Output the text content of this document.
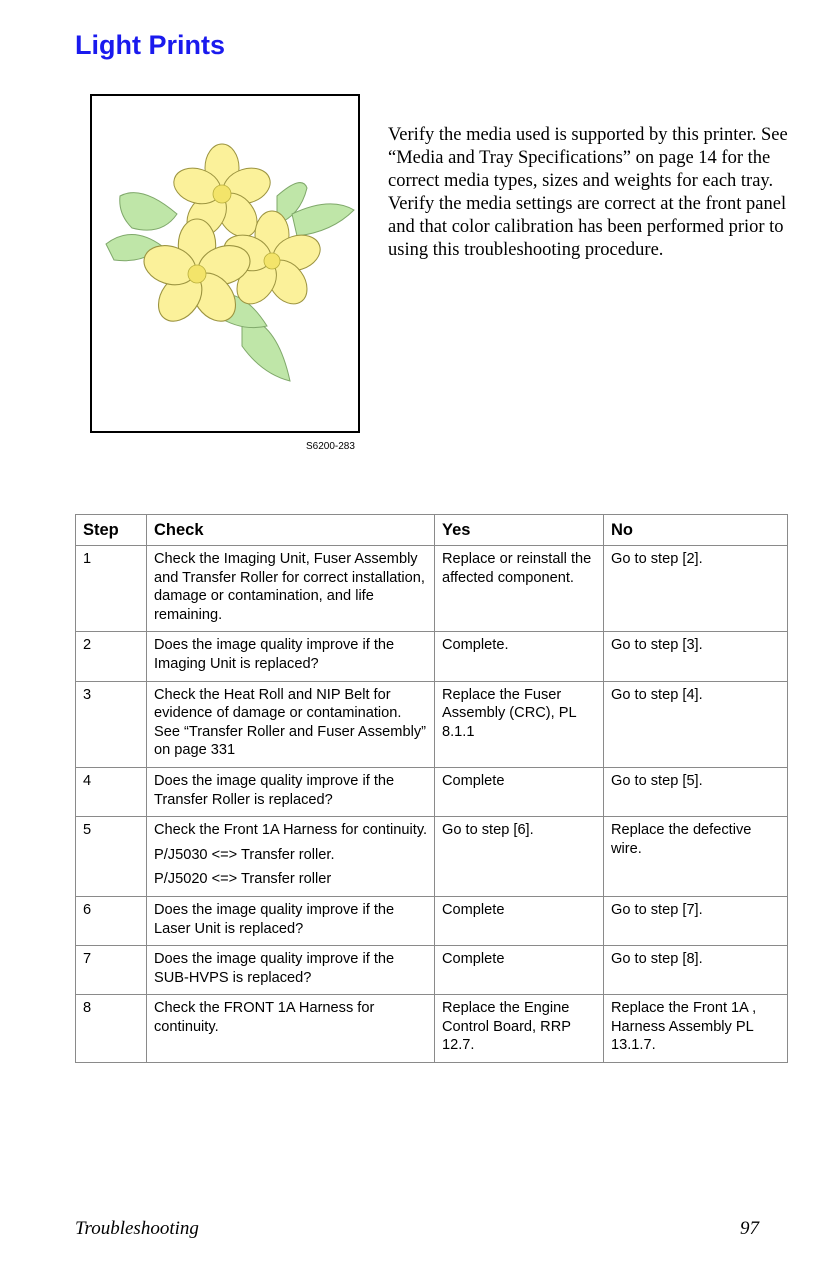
Light Prints
S6200-283

Verify the media used is supported by this printer. See “Media and Tray Specifications” on page 14 for the correct media types, sizes and weights for each tray. Verify the media settings are correct at the front panel and that color calibration has been performed prior to using this troubleshooting procedure.

Step	Check	Yes	No
1	Check the Imaging Unit, Fuser Assembly and Transfer Roller for correct installation, damage or contamination, and life remaining.	Replace or reinstall the affected component.	Go to step [2].
2	Does the image quality improve if the Imaging Unit is replaced?	Complete.	Go to step [3].
3	Check the Heat Roll and NIP Belt for evidence of damage or contamination. See “Transfer Roller and Fuser Assembly” on page 331	Replace the Fuser Assembly (CRC), PL 8.1.1	Go to step [4].
4	Does the image quality improve if the Transfer Roller is replaced?	Complete	Go to step [5].
5	Check the Front 1A Harness for continuity.
P/J5030 <=> Transfer roller.
P/J5020 <=> Transfer roller	Go to step [6].	Replace the defective wire.
6	Does the image quality improve if the Laser Unit is replaced?	Complete	Go to step [7].
7	Does the image quality improve if the SUB-HVPS is replaced?	Complete	Go to step [8].
8	Check the FRONT 1A Harness for continuity.	Replace the Engine Control Board, RRP 12.7.	Replace the Front 1A , Harness Assembly PL 13.1.7.
Troubleshooting	97
